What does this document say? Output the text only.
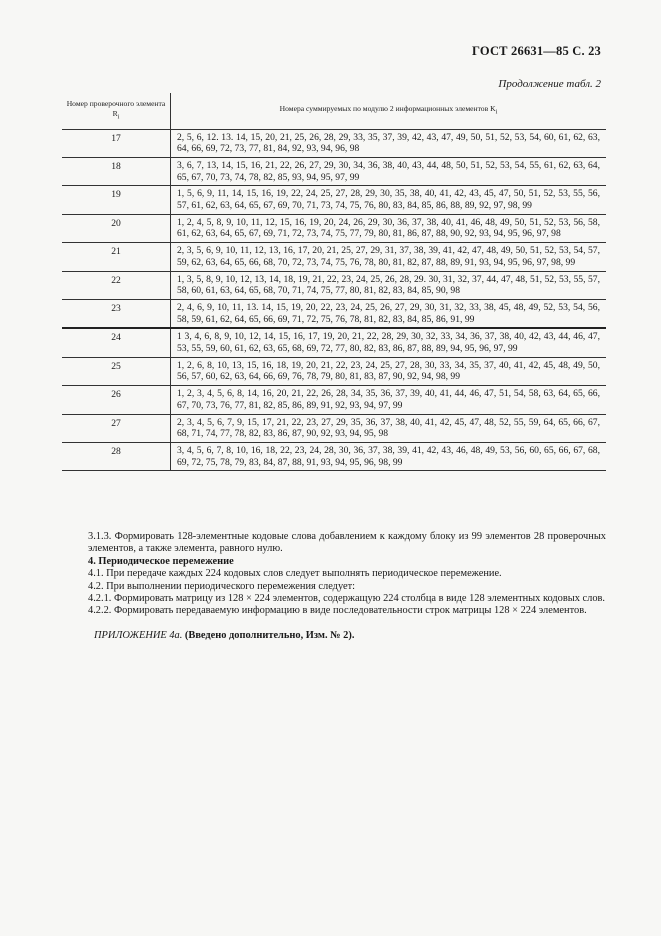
ГОСТ 26631—85 С. 23
Продолжение табл. 2
Номер проверочного элемента $R_i$	Номера суммируемых по модулю 2 информационных элементов $K_i$
17	2, 5, 6, 12. 13. 14, 15, 20, 21, 25, 26, 28, 29, 33, 35, 37, 39, 42, 43, 47, 49, 50, 51, 52, 53, 54, 60, 61, 62, 63, 64, 66, 69, 72, 73, 77, 81, 84, 92, 93, 94, 96, 98
18	3, 6, 7, 13, 14, 15, 16, 21, 22, 26, 27, 29, 30, 34, 36, 38, 40, 43, 44, 48, 50, 51, 52, 53, 54, 55, 61, 62, 63, 64, 65, 67, 70, 73, 74, 78, 82, 85, 93, 94, 95, 97, 99
19	1, 5, 6, 9, 11, 14, 15, 16, 19, 22, 24, 25, 27, 28, 29, 30, 35, 38, 40, 41, 42, 43, 45, 47, 50, 51, 52, 53, 55, 56, 57, 61, 62, 63, 64, 65, 67, 69, 70, 71, 73, 74, 75, 76, 80, 83, 84, 85, 86, 88, 89, 92, 97, 98, 99
20	1, 2, 4, 5, 8, 9, 10, 11, 12, 15, 16, 19, 20, 24, 26, 29, 30, 36, 37, 38, 40, 41, 46, 48, 49, 50, 51, 52, 53, 56, 58, 61, 62, 63, 64, 65, 67, 69, 71, 72, 73, 74, 75, 77, 79, 80, 81, 86, 87, 88, 90, 92, 93, 94, 95, 96, 97, 98
21	2, 3, 5, 6, 9, 10, 11, 12, 13, 16, 17, 20, 21, 25, 27, 29, 31, 37, 38, 39, 41, 42, 47, 48, 49, 50, 51, 52, 53, 54, 57, 59, 62, 63, 64, 65, 66, 68, 70, 72, 73, 74, 75, 76, 78, 80, 81, 82, 87, 88, 89, 91, 93, 94, 95, 96, 97, 98, 99
22	1, 3, 5, 8, 9, 10, 12, 13, 14, 18, 19, 21, 22, 23, 24, 25, 26, 28, 29. 30, 31, 32, 37, 44, 47, 48, 51, 52, 53, 55, 57, 58, 60, 61, 63, 64, 65, 68, 70, 71, 74, 75, 77, 80, 81, 82, 83, 84, 85, 90, 98
23	2, 4, 6, 9, 10, 11, 13. 14, 15, 19, 20, 22, 23, 24, 25, 26, 27, 29, 30, 31, 32, 33, 38, 45, 48, 49, 52, 53, 54, 56, 58, 59, 61, 62, 64, 65, 66, 69, 71, 72, 75, 76, 78, 81, 82, 83, 84, 85, 86, 91, 99
24	1 3, 4, 6, 8, 9, 10, 12, 14, 15, 16, 17, 19, 20, 21, 22, 28, 29, 30, 32, 33, 34, 36, 37, 38, 40, 42, 43, 44, 46, 47, 53, 55, 59, 60, 61, 62, 63, 65, 68, 69, 72, 77, 80, 82, 83, 86, 87, 88, 89, 94, 95, 96, 97, 99
25	1, 2, 6, 8, 10, 13, 15, 16, 18, 19, 20, 21, 22, 23, 24, 25, 27, 28, 30, 33, 34, 35, 37, 40, 41, 42, 45, 48, 49, 50, 56, 57, 60, 62, 63, 64, 66, 69, 76, 78, 79, 80, 81, 83, 87, 90, 92, 94, 98, 99
26	1, 2, 3, 4, 5, 6, 8, 14, 16, 20, 21, 22, 26, 28, 34, 35, 36, 37, 39, 40, 41, 44, 46, 47, 51, 54, 58, 63, 64, 65, 66, 67, 70, 73, 76, 77, 81, 82, 85, 86, 89, 91, 92, 93, 94, 97, 99
27	2, 3, 4, 5, 6, 7, 9, 15, 17, 21, 22, 23, 27, 29, 35, 36, 37, 38, 40, 41, 42, 45, 47, 48, 52, 55, 59, 64, 65, 66, 67, 68, 71, 74, 77, 78, 82, 83, 86, 87, 90, 92, 93, 94, 95, 98
28	3, 4, 5, 6, 7, 8, 10, 16, 18, 22, 23, 24, 28, 30, 36, 37, 38, 39, 41, 42, 43, 46, 48, 49, 53, 56, 60, 65, 66, 67, 68, 69, 72, 75, 78, 79, 83, 84, 87, 88, 91, 93, 94, 95, 96, 98, 99

3.1.3. Формировать 128-элементные кодовые слова добавлением к каждому блоку из 99 элементов 28 проверочных элементов, а также элемента, равного нулю.

4. Периодическое перемежение

4.1. При передаче каждых 224 кодовых слов следует выполнять периодическое перемежение.

4.2. При выполнении периодического перемежения следует:

4.2.1. Формировать матрицу из 128 × 224 элементов, содержащую 224 столбца в виде 128 элементных кодовых слов.

4.2.2. Формировать передаваемую информацию в виде последовательности строк матрицы 128 × 224 элементов.

ПРИЛОЖЕНИЕ 4а. (Введено дополнительно, Изм. № 2).
